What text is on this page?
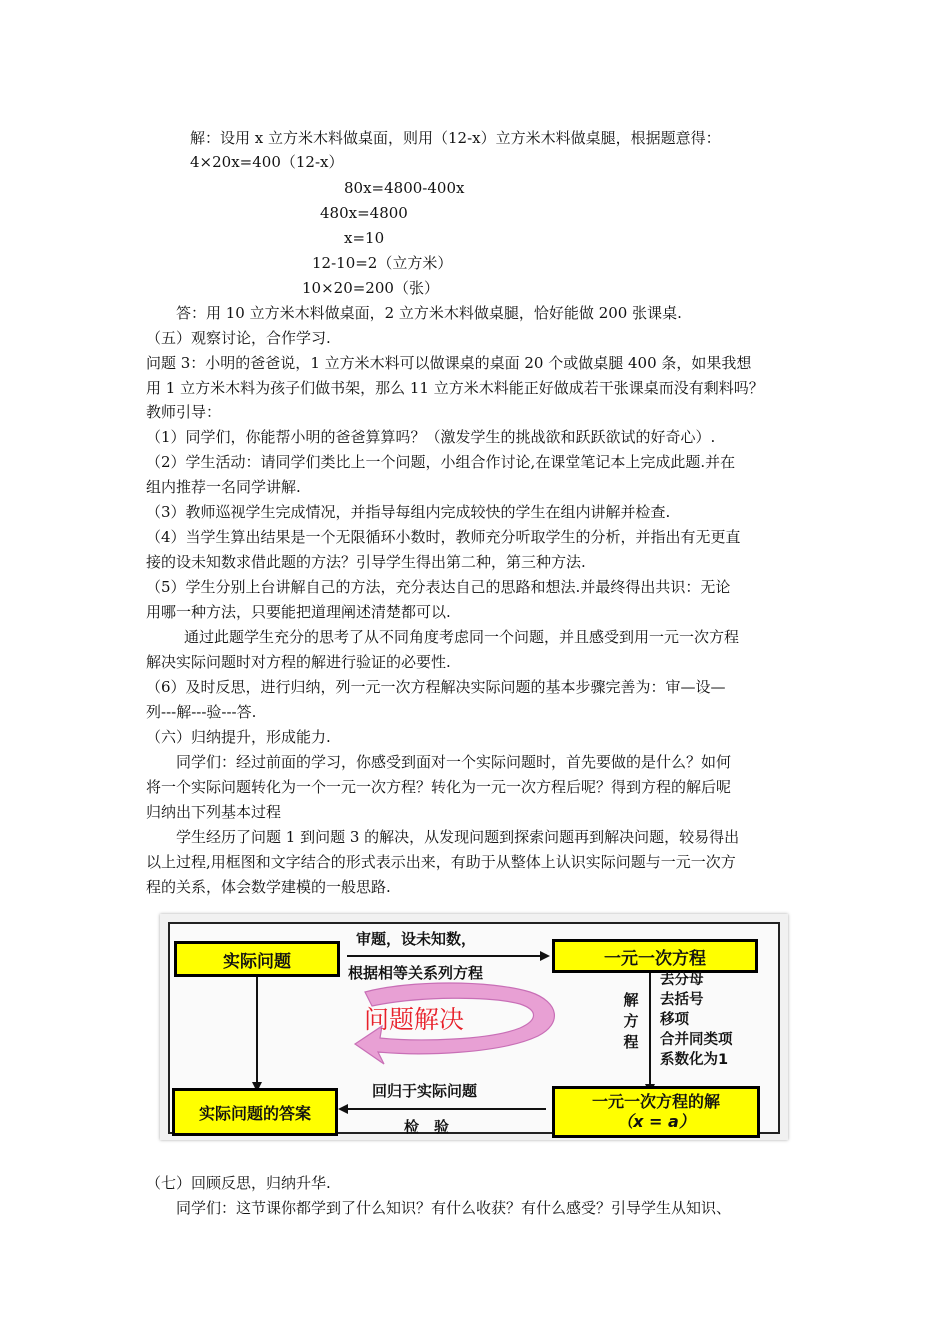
解：设用 x 立方米木料做桌面，则用（12-x）立方米木料做桌腿，根据题意得：
4×20x=400（12-x）
80x=4800-400x
480x=4800
x=10
12-10=2（立方米）
10×20=200（张）
答：用 10 立方米木料做桌面，2 立方米木料做桌腿，恰好能做 200 张课桌.
（五）观察讨论，合作学习.
问题 3：小明的爸爸说，1 立方米木料可以做课桌的桌面 20 个或做桌腿 400 条，如果我想
用 1 立方米木料为孩子们做书架，那么 11 立方米木料能正好做成若干张课桌而没有剩料吗？
教师引导：
（1）同学们，你能帮小明的爸爸算算吗？（激发学生的挑战欲和跃跃欲试的好奇心）.
（2）学生活动：请同学们类比上一个问题，小组合作讨论,在课堂笔记本上完成此题.并在
组内推荐一名同学讲解.
（3）教师巡视学生完成情况，并指导每组内完成较快的学生在组内讲解并检查.
（4）当学生算出结果是一个无限循环小数时，教师充分听取学生的分析，并指出有无更直
接的设未知数求借此题的方法？引导学生得出第二种，第三种方法.
（5）学生分别上台讲解自己的方法，充分表达自己的思路和想法.并最终得出共识：无论
用哪一种方法，只要能把道理阐述清楚都可以.
通过此题学生充分的思考了从不同角度考虑同一个问题，并且感受到用一元一次方程
解决实际问题时对方程的解进行验证的必要性.
（6）及时反思，进行归纳，列一元一次方程解决实际问题的基本步骤完善为：审—设—
列---解---验---答.
（六）归纳提升，形成能力.
同学们：经过前面的学习，你感受到面对一个实际问题时，首先要做的是什么？如何
将一个实际问题转化为一个一元一次方程？转化为一元一次方程后呢？得到方程的解后呢
归纳出下列基本过程
学生经历了问题 1 到问题 3 的解决，从发现问题到探索问题再到解决问题，较易得出
以上过程,用框图和文字结合的形式表示出来，有助于从整体上认识实际问题与一元一次方
程的关系，体会数学建模的一般思路.
（七）回顾反思，归纳升华.
同学们：这节课你都学到了什么知识？有什么收获？有什么感受？引导学生从知识、
实际问题	一元一次方程
实际问题的答案
一元一次方程的解
（x = a）
审题，设未知数，
根据相等关系列方程
问题解决
解
方
程
去分母
去括号
移项
合并同类项
系数化为1
回归于实际问题
检　验
